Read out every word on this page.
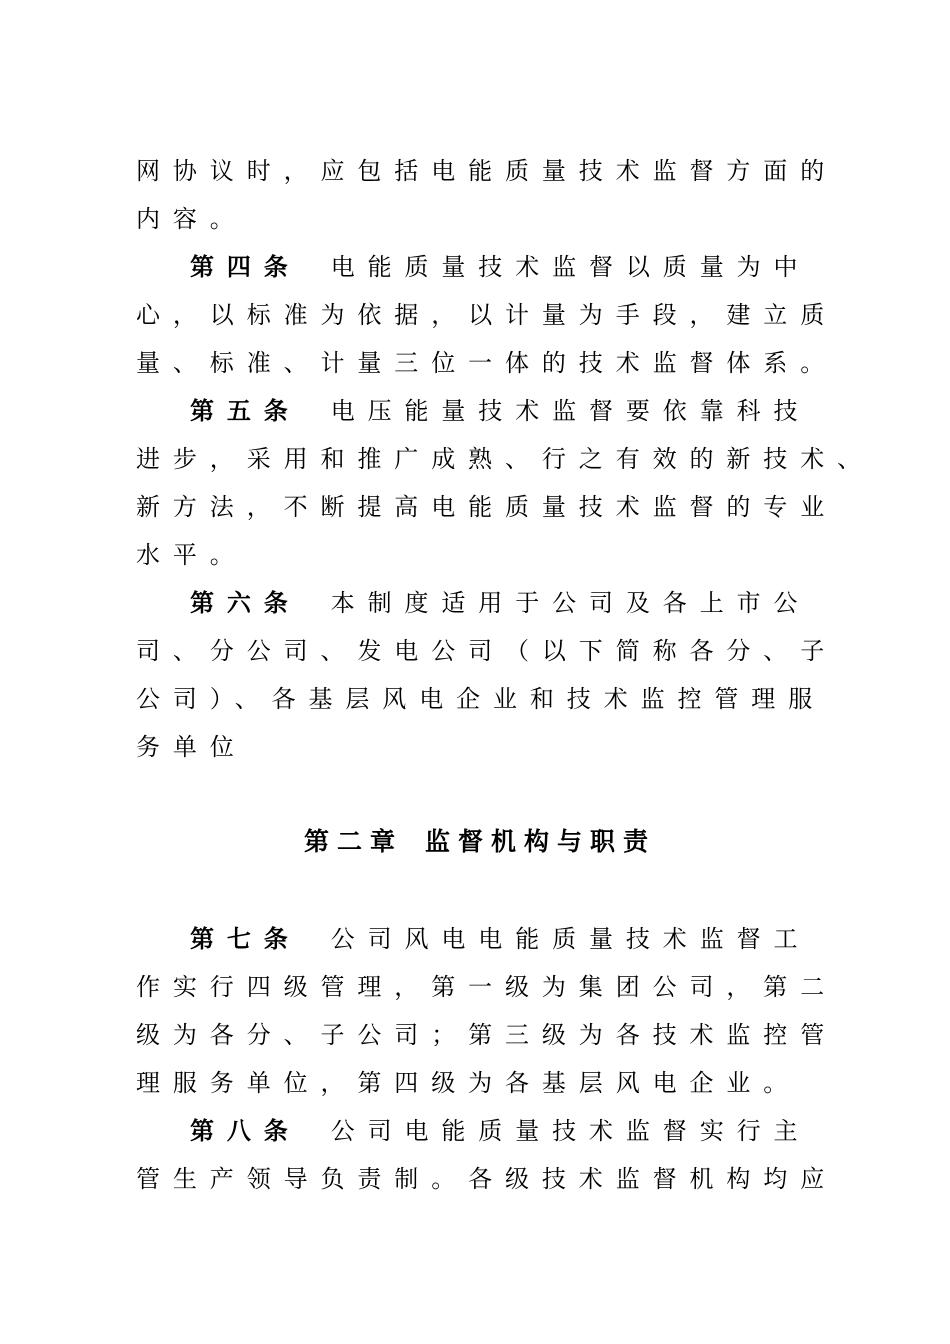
网协议时，应包括电能质量技术监督方面的
内容。
第四条 电能质量技术监督以质量为中
心，以标准为依据，以计量为手段，建立质
量、标准、计量三位一体的技术监督体系。
第五条 电压能量技术监督要依靠科技
进步，采用和推广成熟、行之有效的新技术、
新方法，不断提高电能质量技术监督的专业
水平。
第六条 本制度适用于公司及各上市公
司、分公司、发电公司（以下简称各分、子
公司）、各基层风电企业和技术监控管理服
务单位
第二章 监督机构与职责
第七条 公司风电电能质量技术监督工
作实行四级管理，第一级为集团公司，第二
级为各分、子公司；第三级为各技术监控管
理服务单位，第四级为各基层风电企业。
第八条 公司电能质量技术监督实行主
管生产领导负责制。各级技术监督机构均应
